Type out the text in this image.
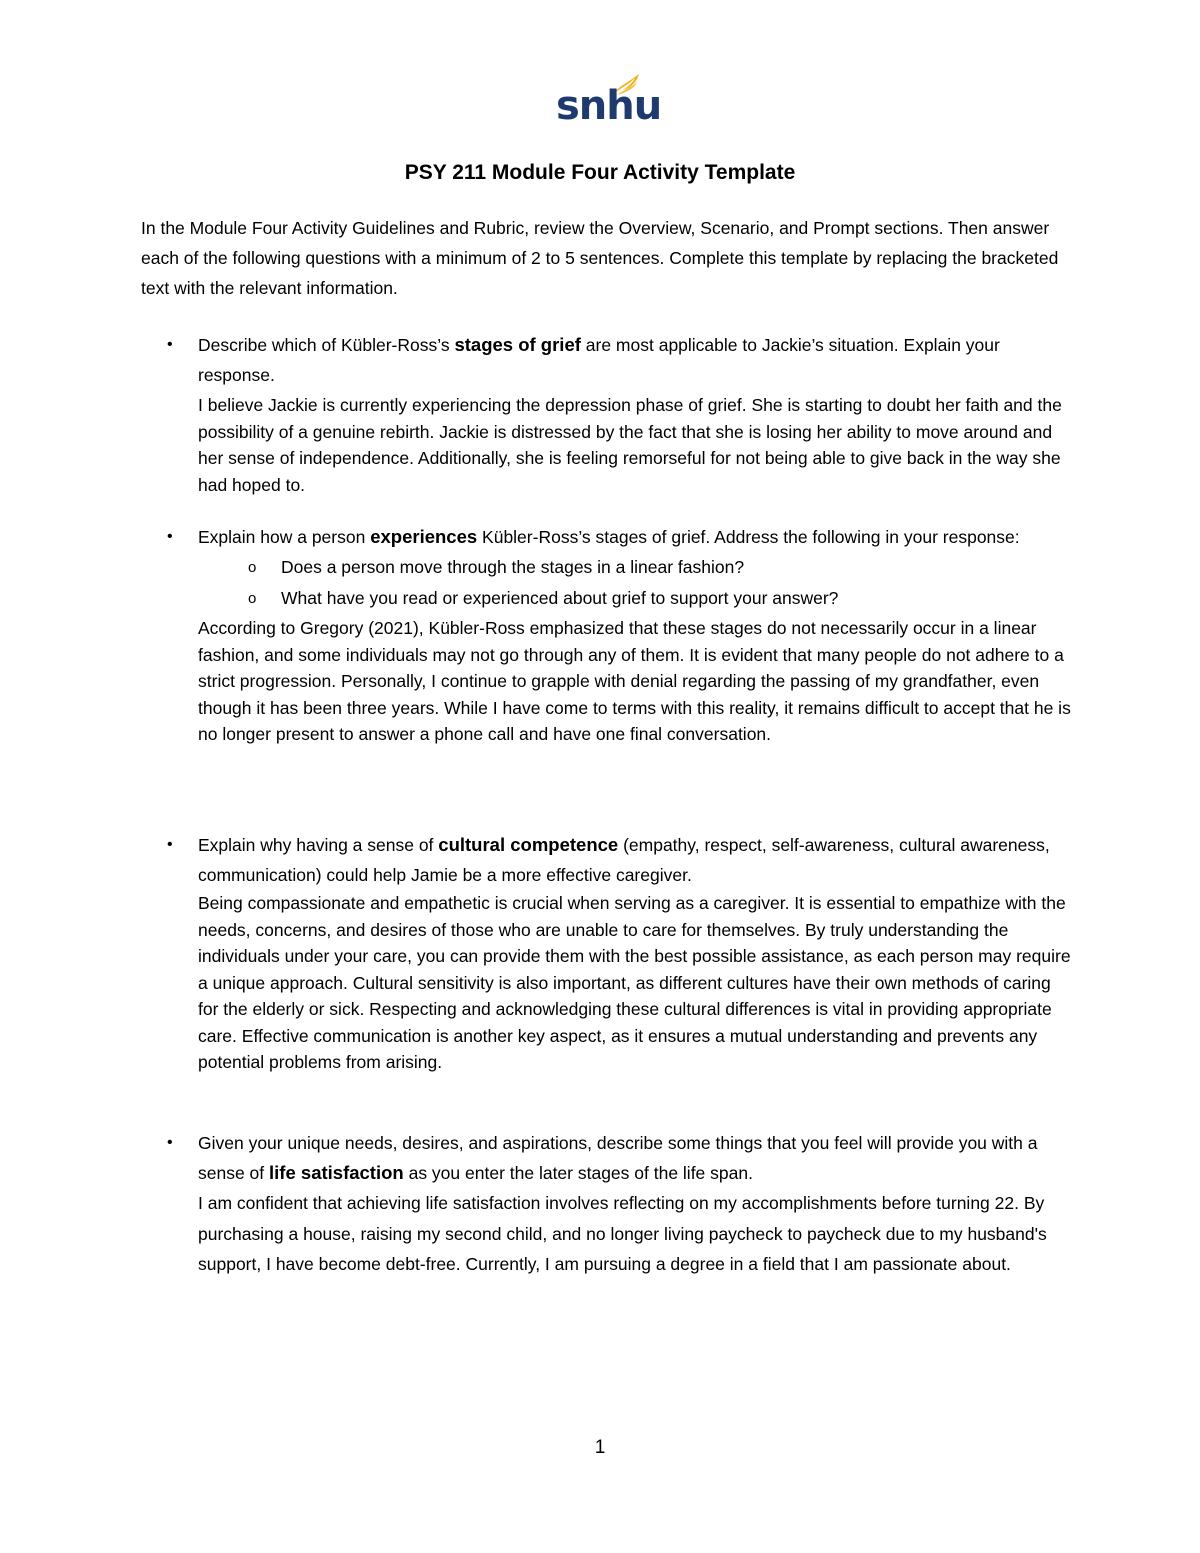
snhu
PSY 211 Module Four Activity Template
In the Module Four Activity Guidelines and Rubric, review the Overview, Scenario, and Prompt sections. Then answer each of the following questions with a minimum of 2 to 5 sentences. Complete this template by replacing the bracketed text with the relevant information.
• Describe which of Kübler-Ross’s stages of grief are most applicable to Jackie’s situation. Explain your response.
I believe Jackie is currently experiencing the depression phase of grief. She is starting to doubt her faith and the possibility of a genuine rebirth. Jackie is distressed by the fact that she is losing her ability to move around and her sense of independence. Additionally, she is feeling remorseful for not being able to give back in the way she had hoped to.
• Explain how a person experiences Kübler-Ross’s stages of grief. Address the following in your response:
o Does a person move through the stages in a linear fashion?
o What have you read or experienced about grief to support your answer?
According to Gregory (2021), Kübler-Ross emphasized that these stages do not necessarily occur in a linear fashion, and some individuals may not go through any of them. It is evident that many people do not adhere to a strict progression. Personally, I continue to grapple with denial regarding the passing of my grandfather, even though it has been three years. While I have come to terms with this reality, it remains difficult to accept that he is no longer present to answer a phone call and have one final conversation.
• Explain why having a sense of cultural competence (empathy, respect, self-awareness, cultural awareness, communication) could help Jamie be a more effective caregiver.
Being compassionate and empathetic is crucial when serving as a caregiver. It is essential to empathize with the needs, concerns, and desires of those who are unable to care for themselves. By truly understanding the individuals under your care, you can provide them with the best possible assistance, as each person may require a unique approach. Cultural sensitivity is also important, as different cultures have their own methods of caring for the elderly or sick. Respecting and acknowledging these cultural differences is vital in providing appropriate care. Effective communication is another key aspect, as it ensures a mutual understanding and prevents any potential problems from arising.
• Given your unique needs, desires, and aspirations, describe some things that you feel will provide you with a sense of life satisfaction as you enter the later stages of the life span.
I am confident that achieving life satisfaction involves reflecting on my accomplishments before turning 22. By purchasing a house, raising my second child, and no longer living paycheck to paycheck due to my husband's support, I have become debt-free. Currently, I am pursuing a degree in a field that I am passionate about.
1
